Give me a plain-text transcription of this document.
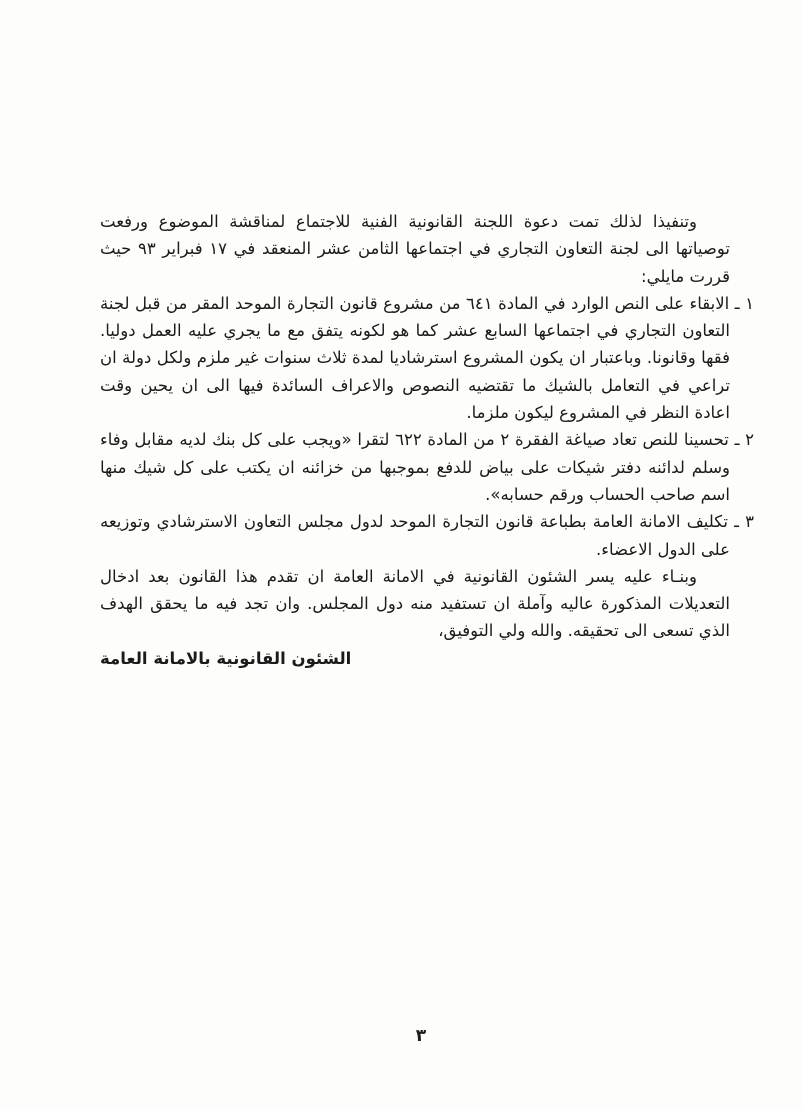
وتنفيذا لذلك تمت دعوة اللجنة القانونية الفنية للاجتماع لمناقشة الموضوع ورفعت توصياتها الى لجنة التعاون التجاري في اجتماعها الثامن عشر المنعقد في ١٧ فبراير ٩٣ حيث قررت مايلي:

١ ـ الابقاء على النص الوارد في المادة ٦٤١ من مشروع قانون التجارة الموحد المقر من قبل لجنة التعاون التجاري في اجتماعها السابع عشر كما هو لكونه يتفق مع ما يجري عليه العمل دوليا. فقها وقانونا. وباعتبار ان يكون المشروع استرشاديا لمدة ثلاث سنوات غير ملزم ولكل دولة ان تراعي في التعامل بالشيك ما تقتضيه النصوص والاعراف السائدة فيها الى ان يحين وقت اعادة النظر في المشروع ليكون ملزما.

٢ ـ تحسينا للنص تعاد صياغة الفقرة ٢ من المادة ٦٢٢ لتقرا «ويجب على كل بنك لديه مقابل وفاء وسلم لدائنه دفتر شيكات على بياض للدفع بموجبها من خزائنه ان يكتب على كل شيك منها اسم صاحب الحساب ورقم حسابه».

٣ ـ تكليف الامانة العامة بطباعة قانون التجارة الموحد لدول مجلس التعاون الاسترشادي وتوزيعه على الدول الاعضاء.

وبنـاء عليه يسر الشئون القانونية في الامانة العامة ان تقدم هذا القانون بعد ادخال التعديلات المذكورة عاليه وآملة ان تستفيد منه دول المجلس. وان تجد فيه ما يحقق الهدف الذي تسعى الى تحقيقه. والله ولي التوفيق،

الشئون القانونية بالامانة العامة

٣
